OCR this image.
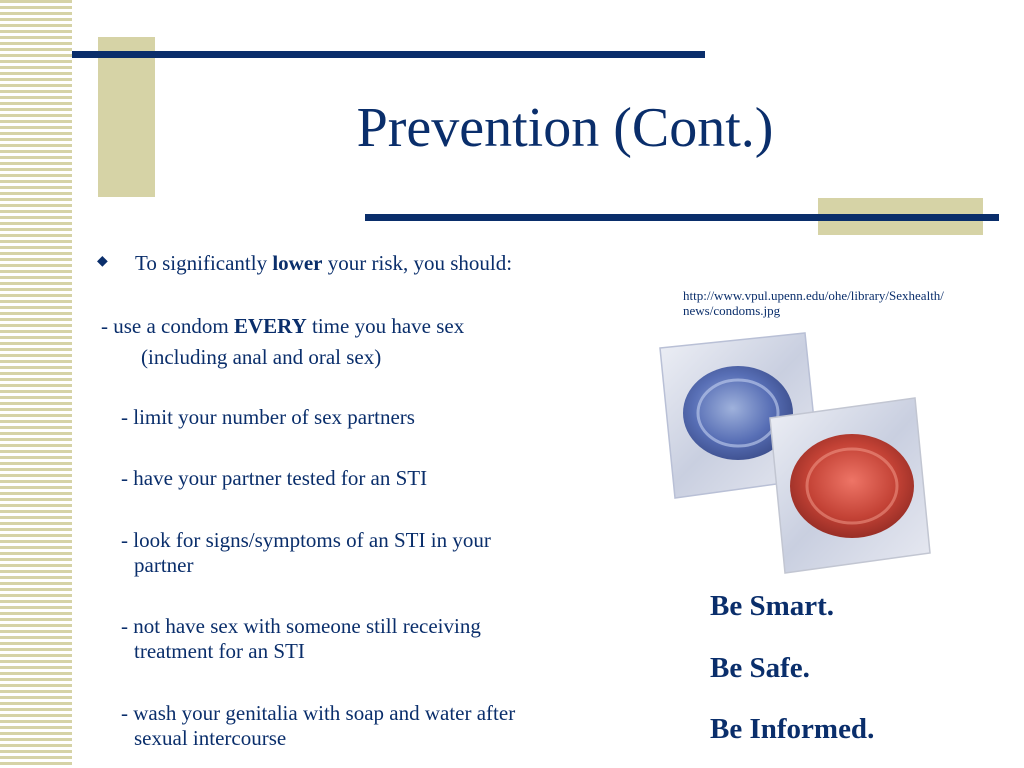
Prevention (Cont.)
◆ To significantly lower your risk, you should:

- use a condom EVERY time you have sex

(including anal and oral sex)

- limit your number of sex partners

- have your partner tested for an STI

- look for signs/symptoms of an STI in your

partner

- not have sex with someone still receiving

treatment for an STI

- wash your genitalia with soap and water after

sexual intercourse

http://www.vpul.upenn.edu/ohe/library/Sexhealth/
news/condoms.jpg

Be Smart.

Be Safe.

Be Informed.
